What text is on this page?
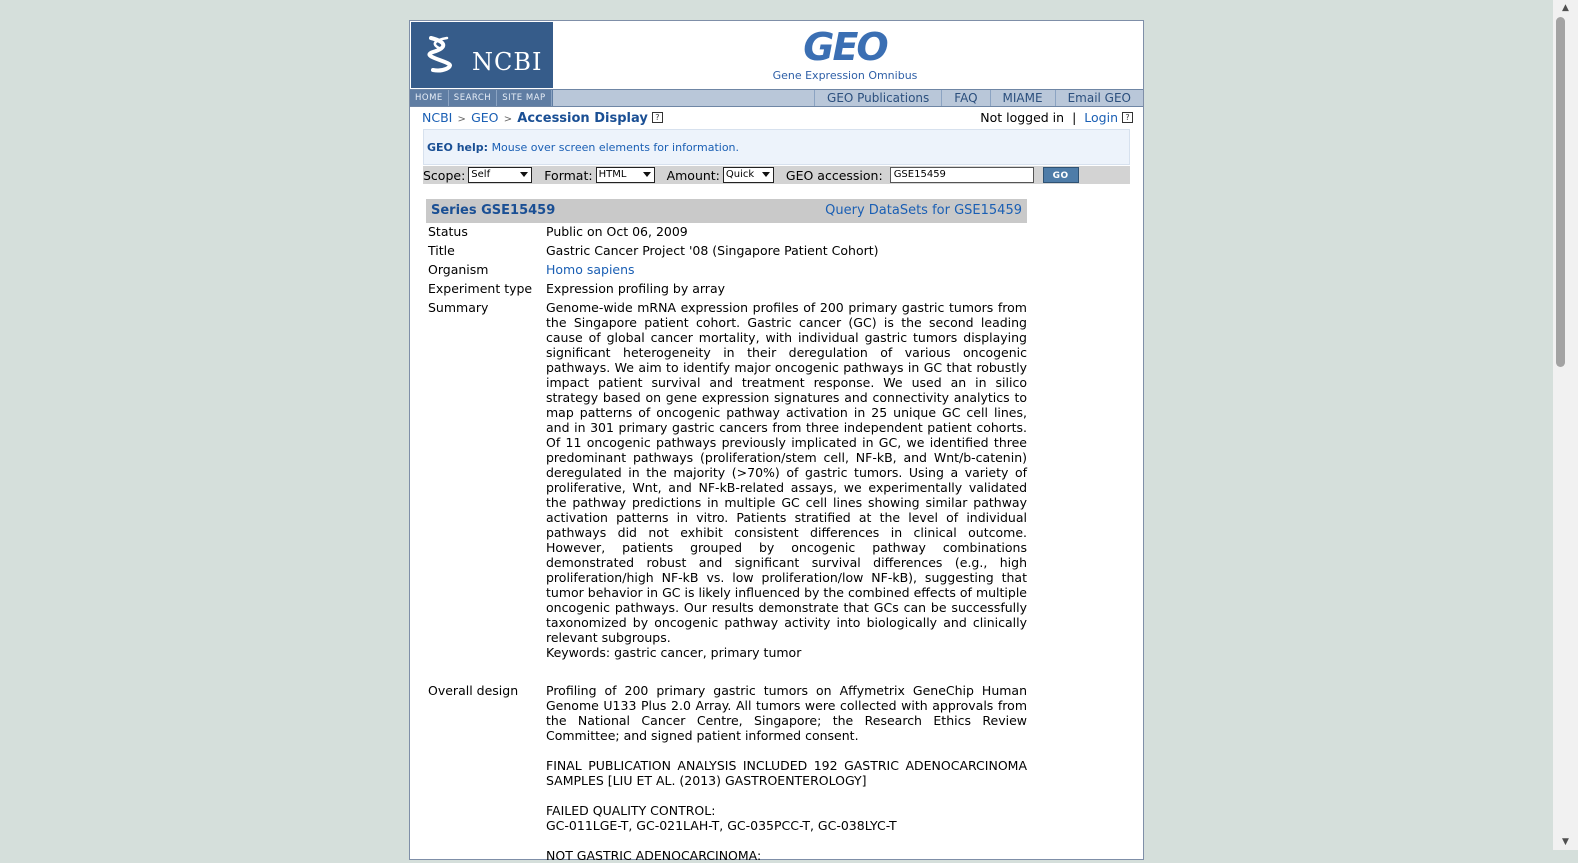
▲
▼
NCBI	GEO
Gene Expression Omnibus
HOME	SEARCH	SITE MAP	GEO Publications	FAQ	MIAME	Email GEO
NCBI > GEO > Accession Display ?	Not logged in | Login ?
GEO help: Mouse over screen elements for information.
Scope: Self	Format: HTML	Amount: Quick	GEO accession:	GSE15459	GO
Series GSE15459	Query DataSets for GSE15459
Status	Public on Oct 06, 2009
Title	Gastric Cancer Project '08 (Singapore Patient Cohort)
Organism	Homo sapiens
Experiment type	Expression profiling by array
Summary	Genome-wide mRNA expression profiles of 200 primary gastric tumors from the Singapore patient cohort. Gastric cancer (GC) is the second leading cause of global cancer mortality, with individual gastric tumors displaying significant heterogeneity in their deregulation of various oncogenic pathways. We aim to identify major oncogenic pathways in GC that robustly impact patient survival and treatment response. We used an in silico strategy based on gene expression signatures and connectivity analytics to map patterns of oncogenic pathway activation in 25 unique GC cell lines, and in 301 primary gastric cancers from three independent patient cohorts. Of 11 oncogenic pathways previously implicated in GC, we identified three predominant pathways (proliferation/stem cell, NF-kB, and Wnt/b-catenin) deregulated in the majority (>70%) of gastric tumors. Using a variety of proliferative, Wnt, and NF-kB-related assays, we experimentally validated the pathway predictions in multiple GC cell lines showing similar pathway activation patterns in vitro. Patients stratified at the level of individual pathways did not exhibit consistent differences in clinical outcome. However, patients grouped by oncogenic pathway combinations demonstrated robust and significant survival differences (e.g., high proliferation/high NF-kB vs. low proliferation/low NF-kB), suggesting that tumor behavior in GC is likely influenced by the combined effects of multiple oncogenic pathways. Our results demonstrate that GCs can be successfully taxonomized by oncogenic pathway activity into biologically and clinically relevant subgroups.

Keywords: gastric cancer, primary tumor

Overall design	Profiling of 200 primary gastric tumors on Affymetrix GeneChip Human Genome U133 Plus 2.0 Array. All tumors were collected with approvals from the National Cancer Centre, Singapore; the Research Ethics Review Committee; and signed patient informed consent.

FINAL PUBLICATION ANALYSIS INCLUDED 192 GASTRIC ADENOCARCINOMA SAMPLES [LIU ET AL. (2013) GASTROENTEROLOGY]

FAILED QUALITY CONTROL:

GC-011LGE-T, GC-021LAH-T, GC-035PCC-T, GC-038LYC-T

NOT GASTRIC ADENOCARCINOMA:
